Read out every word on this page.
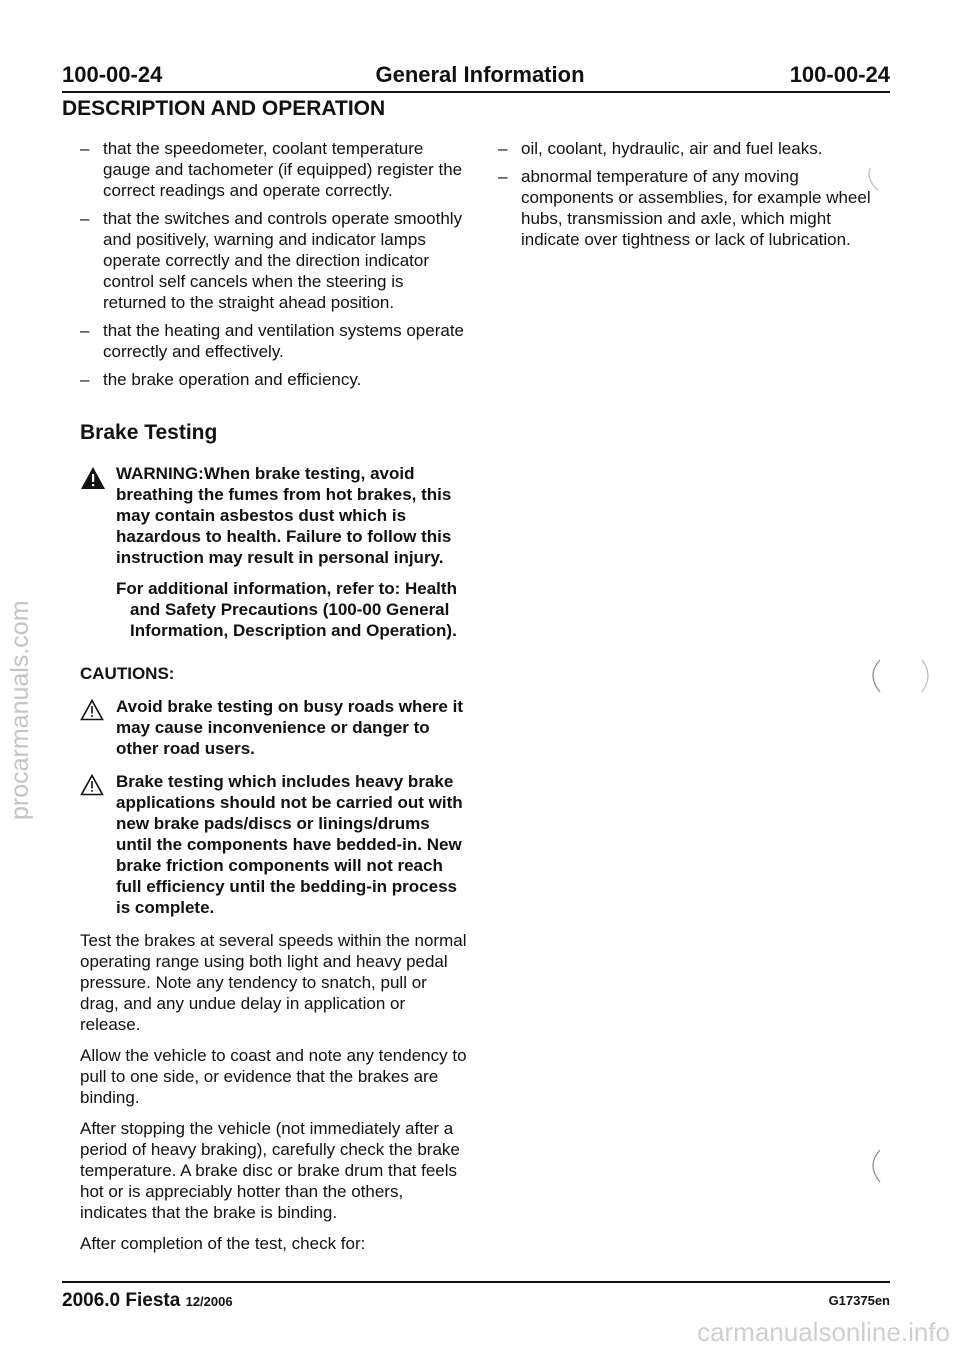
100-00-24	General Information	100-00-24
DESCRIPTION AND OPERATION
– that the speedometer, coolant temperature gauge and tachometer (if equipped) register the correct readings and operate correctly.
– that the switches and controls operate smoothly and positively, warning and indicator lamps operate correctly and the direction indicator control self cancels when the steering is returned to the straight ahead position.
– that the heating and ventilation systems operate correctly and effectively.
– the brake operation and efficiency.
Brake Testing
WARNING:When brake testing, avoid breathing the fumes from hot brakes, this may contain asbestos dust which is hazardous to health. Failure to follow this instruction may result in personal injury.
For additional information, refer to: Health
and Safety Precautions (100-00 General Information, Description and Operation).
CAUTIONS:
Avoid brake testing on busy roads where it may cause inconvenience or danger to other road users.
Brake testing which includes heavy brake applications should not be carried out with new brake pads/discs or linings/drums until the components have bedded-in. New brake friction components will not reach full efficiency until the bedding-in process is complete.

Test the brakes at several speeds within the normal operating range using both light and heavy pedal pressure. Note any tendency to snatch, pull or drag, and any undue delay in application or release.

Allow the vehicle to coast and note any tendency to pull to one side, or evidence that the brakes are binding.

After stopping the vehicle (not immediately after a period of heavy braking), carefully check the brake temperature. A brake disc or brake drum that feels hot or is appreciably hotter than the others, indicates that the brake is binding.

After completion of the test, check for:

– oil, coolant, hydraulic, air and fuel leaks.
– abnormal temperature of any moving components or assemblies, for example wheel hubs, transmission and axle, which might indicate over tightness or lack of lubrication.
2006.0 Fiesta 12/2006	G17375en
procarmanuals.com
carmanualsonline.info
